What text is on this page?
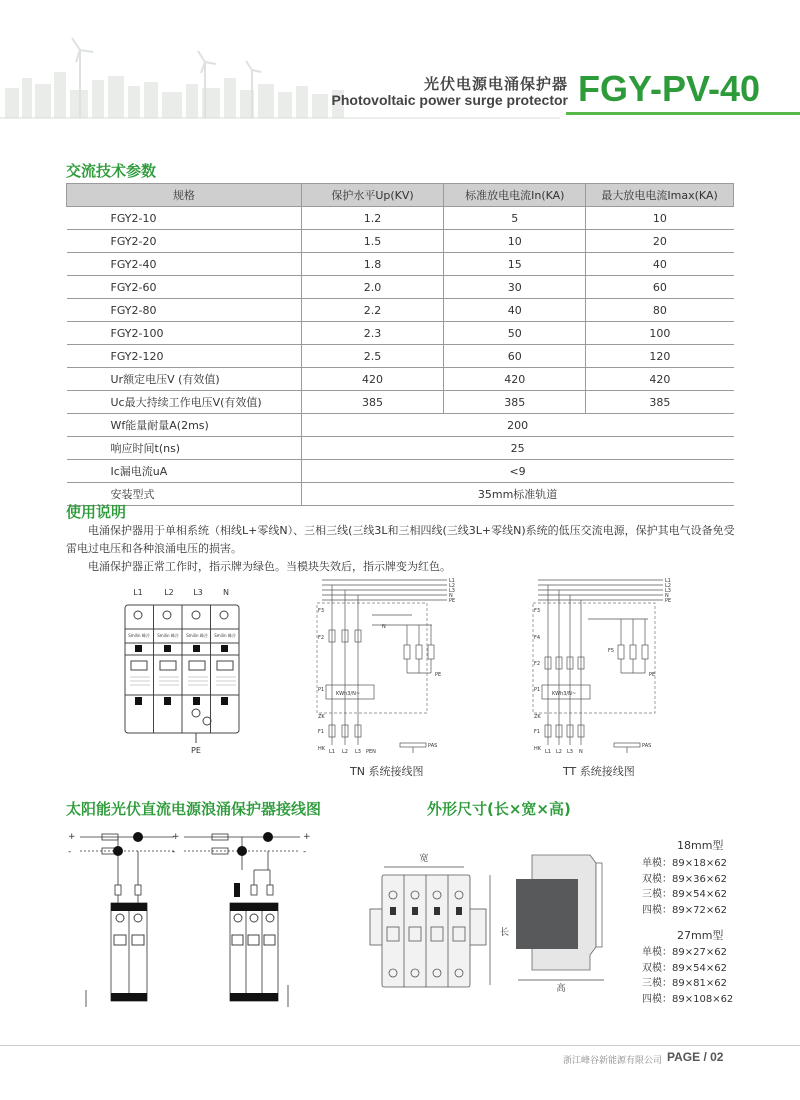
光伏电源电涌保护器
Photovoltaic power surge protector FGY-PV-40
交流技术参数
规格	保护水平Up(KV)	标准放电电流In(KA)	最大放电电流Imax(KA)
FGY2-10	1.2	5	10
FGY2-20	1.5	10	20
FGY2-40	1.8	15	40
FGY2-60	2.0	30	60
FGY2-80	2.2	40	80
FGY2-100	2.3	50	100
FGY2-120	2.5	60	120
Ur额定电压V (有效值)	420	420	420
Uc最大持续工作电压V(有效值)	385	385	385
Wf能量耐量A(2ms)	200		
响应时间t(ns)	25		
Ic漏电流uA	<9		
安装型式	35mm标准轨道		
使用说明
电涌保护器用于单相系统（相线L+零线N）、三相三线(三线3L和三相四线(三线3L+零线N)系统的低压交流电源，保护其电气设备免受雷电过电压和各种浪涌电压的损害。
电涌保护器正常工作时，指示牌为绿色。当模块失效后，指示牌变为红色。
L1	L2 L3	N
Smilin 峰谷 Smilin 峰谷 Smilin 峰谷 Smilin 峰谷
PE
L1
L2
L3
N
PE
F3
F2
P1
KWh3/N~
ZK
F1
HK
N
PE
PAS
L1 L2 L3 PEN
TN 系统接线图
L1
L2
L3
N
PE
F3
F4
F2
F5
P1
KWh3/N~
ZK
F1
HK
PE
PAS
L1 L2 L3 N
TT 系统接线图
太阳能光伏直流电源浪涌保护器接线图
+
-
+
-
+
-
外形尺寸(长×宽×高)
宽
长
高
18mm型
单模：89×18×62
双模：89×36×62
三模：89×54×62
四模：89×72×62
27mm型
单模：89×27×62
双模：89×54×62
三模：89×81×62
四模：89×108×62
浙江峰谷新能源有限公司 PAGE / 02
